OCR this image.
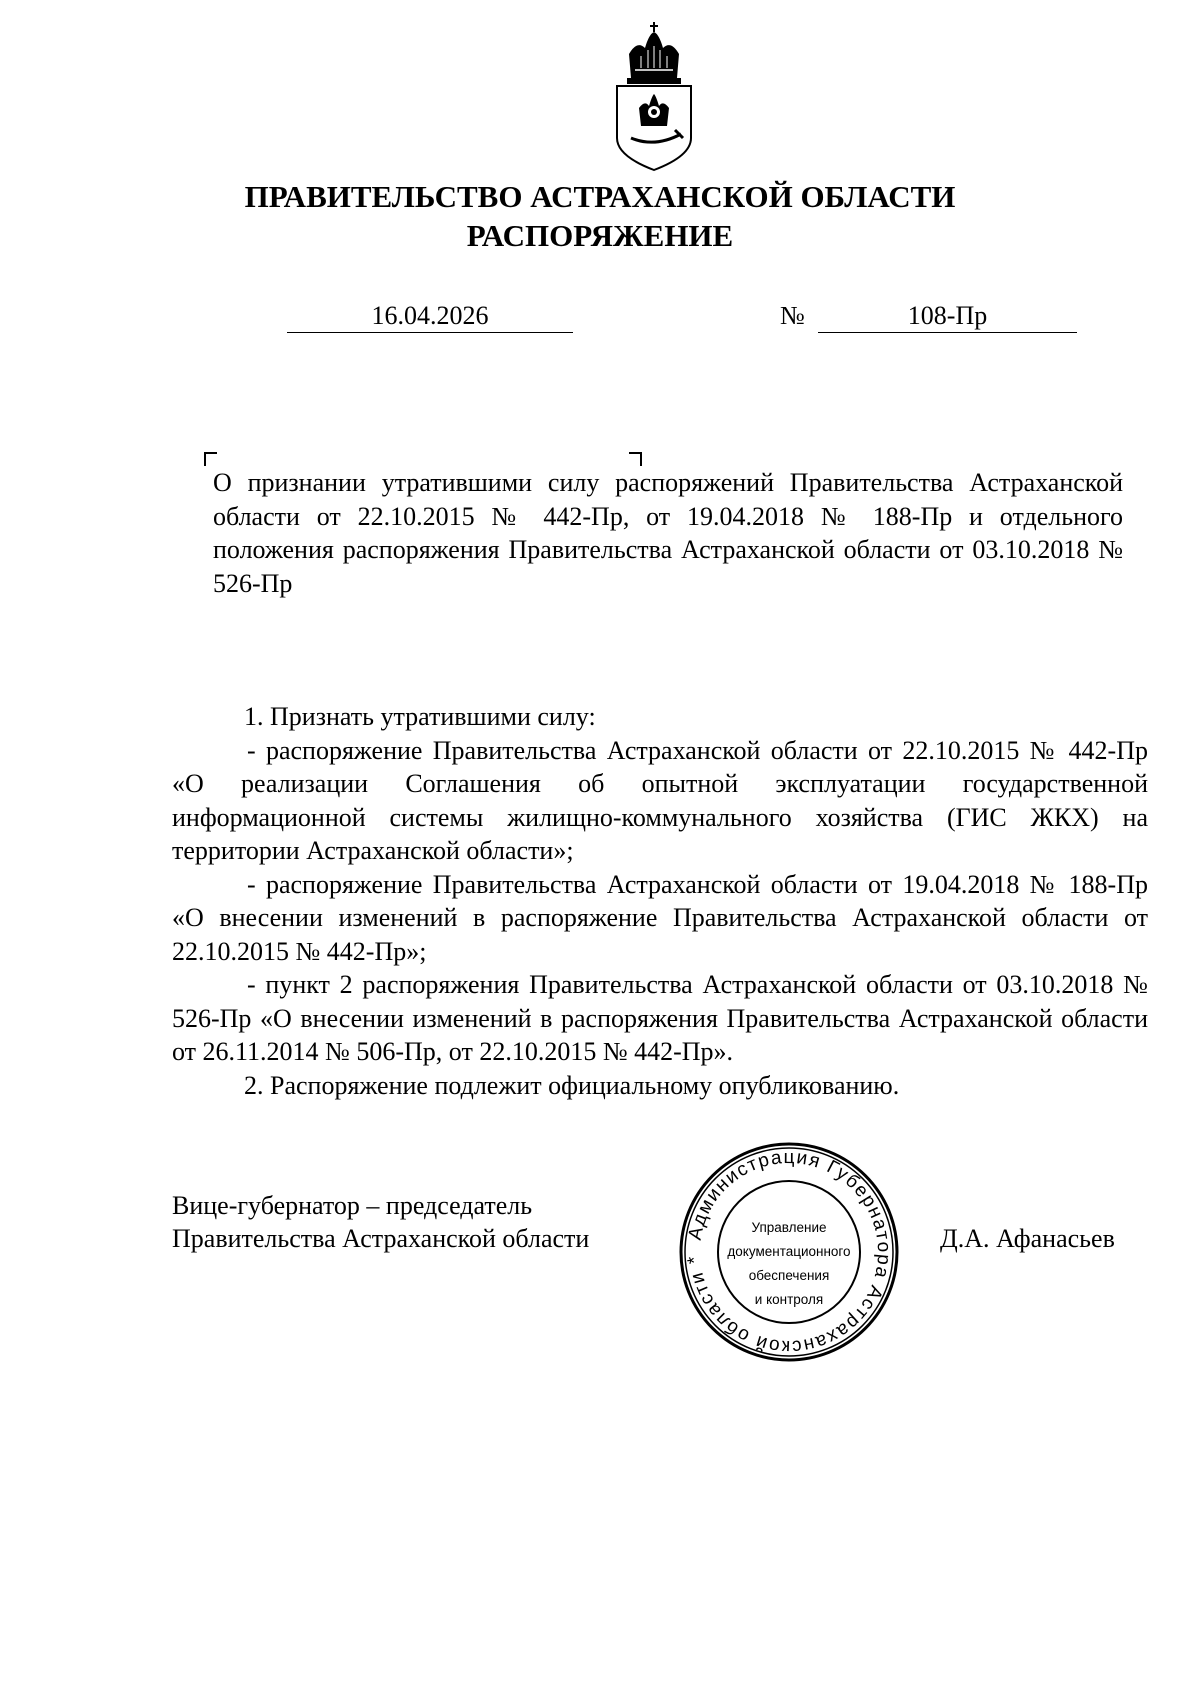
ПРАВИТЕЛЬСТВО АСТРАХАНСКОЙ ОБЛАСТИ
РАСПОРЯЖЕНИЕ
16.04.2026	№	108-Пр

О признании утратившими силу распоряжений Правительства Астраханской области от 22.10.2015 № 442-Пр, от 19.04.2018 № 188-Пр и отдельного положения распоряжения Правительства Астраханской области от 03.10.2018 № 526-Пр

1. Признать утратившими силу:

- распоряжение Правительства Астраханской области от 22.10.2015 № 442-Пр «О реализации Соглашения об опытной эксплуатации государственной информационной системы жилищно-коммунального хозяйства (ГИС ЖКХ) на территории Астраханской области»;

- распоряжение Правительства Астраханской области от 19.04.2018 № 188-Пр «О внесении изменений в распоряжение Правительства Астраханской области от 22.10.2015 № 442-Пр»;

- пункт 2 распоряжения Правительства Астраханской области от 03.10.2018 № 526-Пр «О внесении изменений в распоряжения Правительства Астраханской области от 26.11.2014 № 506-Пр, от 22.10.2015 № 442-Пр».

2. Распоряжение подлежит официальному опубликованию.

Вице-губернатор – председатель
Правительства Астраханской области	Администрация Губернатора Астраханской области *
Управление
документационного
обеспечения
и контроля
Д.А. Афанасьев
